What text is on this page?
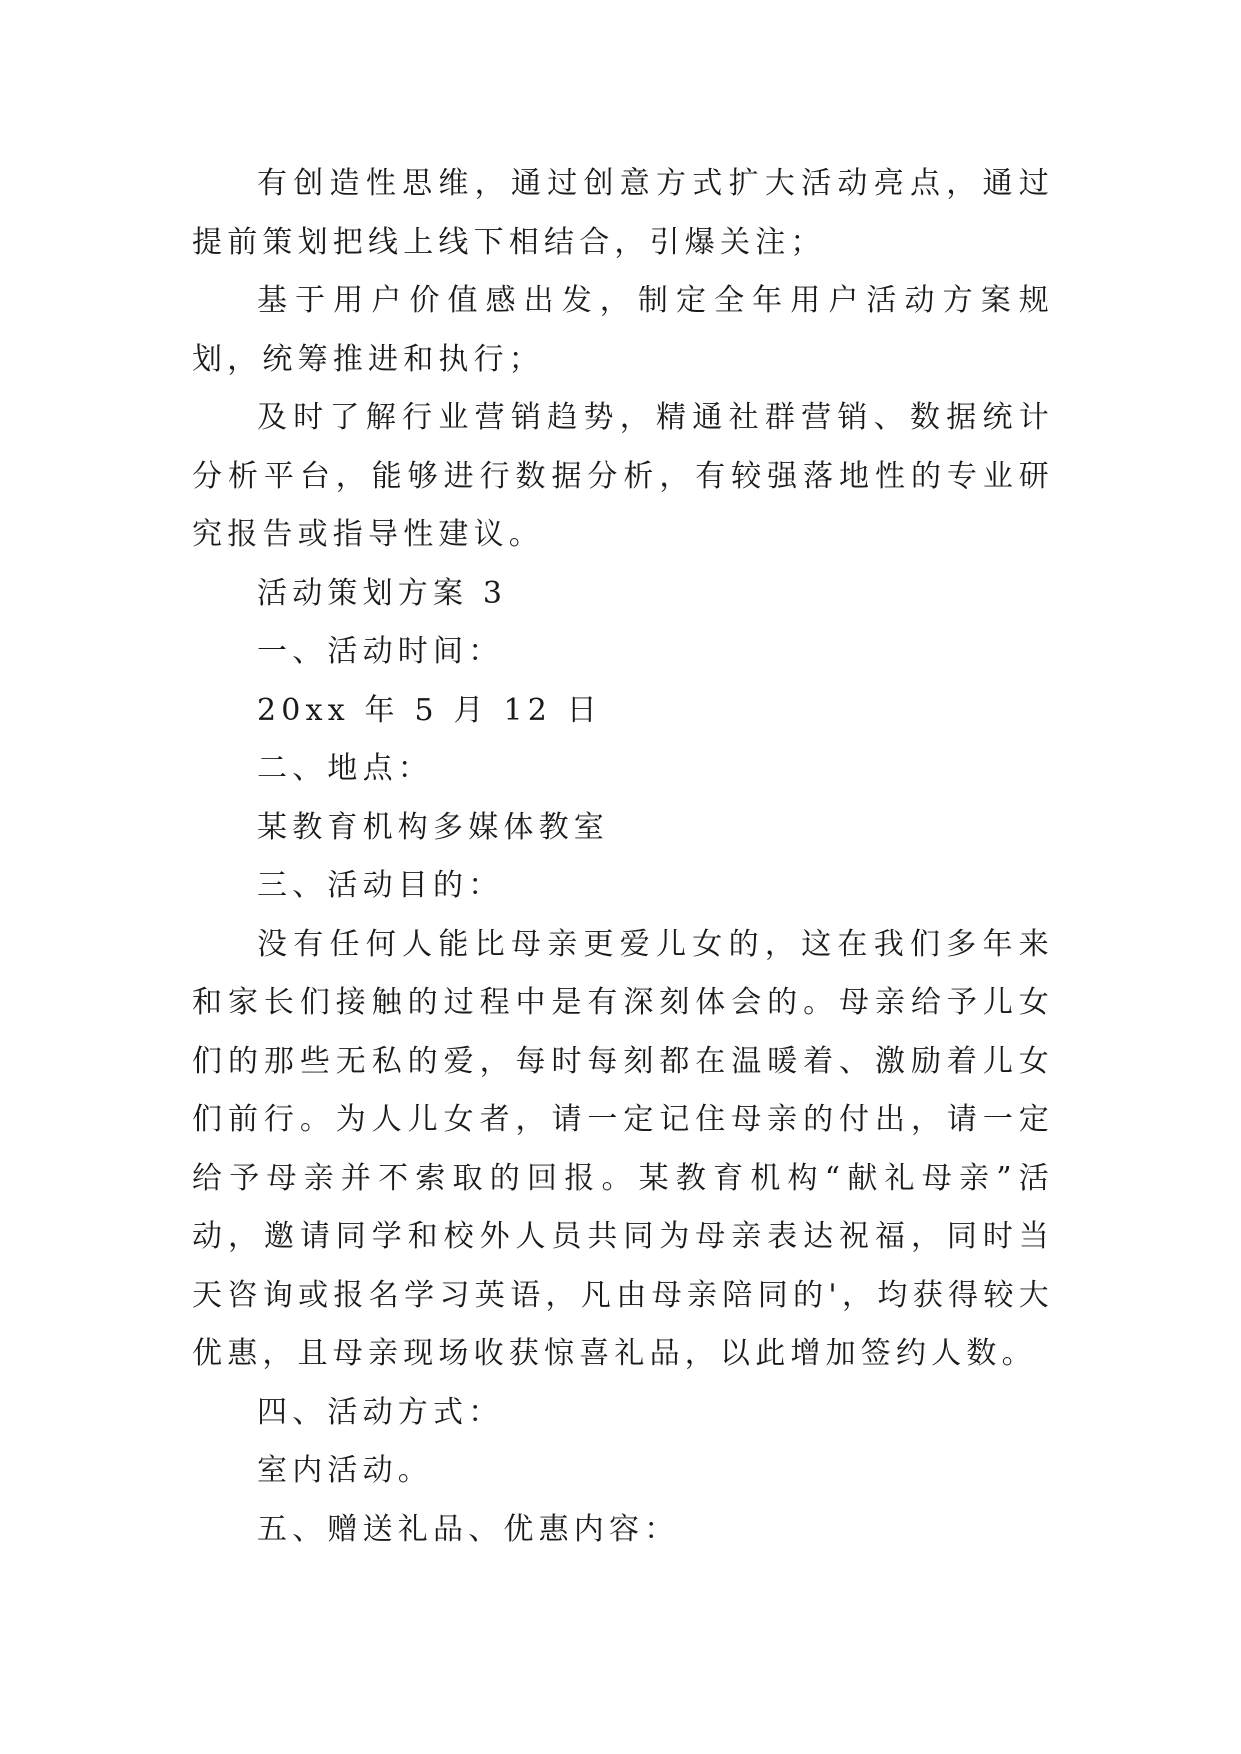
有创造性思维，通过创意方式扩大活动亮点，通过提前策划把线上线下相结合，引爆关注；

基于用户价值感出发，制定全年用户活动方案规划，统筹推进和执行；

及时了解行业营销趋势，精通社群营销、数据统计分析平台，能够进行数据分析，有较强落地性的专业研究报告或指导性建议。

活动策划方案 3

一、活动时间：

20xx 年 5 月 12 日

二、地点：

某教育机构多媒体教室

三、活动目的：

没有任何人能比母亲更爱儿女的，这在我们多年来和家长们接触的过程中是有深刻体会的。母亲给予儿女们的那些无私的爱，每时每刻都在温暖着、激励着儿女们前行。为人儿女者，请一定记住母亲的付出，请一定给予母亲并不索取的回报。某教育机构“献礼母亲”活动，邀请同学和校外人员共同为母亲表达祝福，同时当天咨询或报名学习英语，凡由母亲陪同的'，均获得较大优惠，且母亲现场收获惊喜礼品，以此增加签约人数。

四、活动方式：

室内活动。

五、赠送礼品、优惠内容：
